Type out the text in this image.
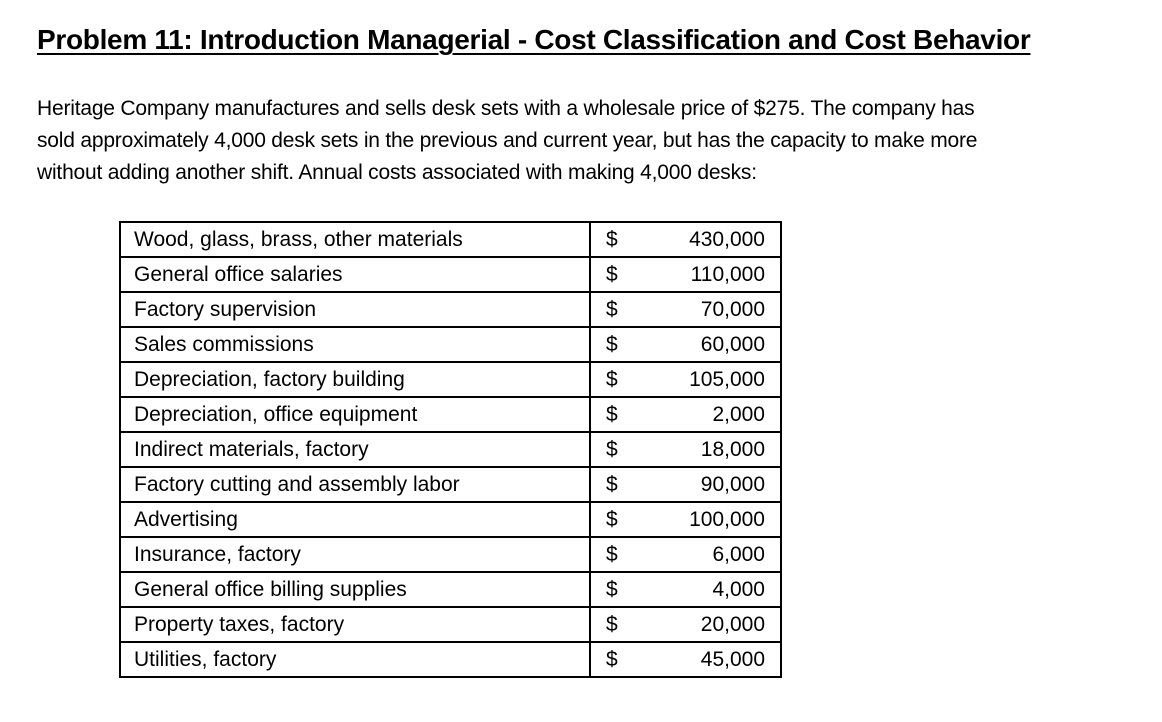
Problem 11: Introduction Managerial - Cost Classification and Cost Behavior
Heritage Company manufactures and sells desk sets with a wholesale price of $275. The company has
sold approximately 4,000 desk sets in the previous and current year, but has the capacity to make more
without adding another shift. Annual costs associated with making 4,000 desks:
Wood, glass, brass, other materials	$ 430,000

General office salaries	$ 110,000

Factory supervision	$ 70,000

Sales commissions	$ 60,000

Depreciation, factory building	$ 105,000

Depreciation, office equipment	$ 2,000

Indirect materials, factory	$ 18,000

Factory cutting and assembly labor	$ 90,000

Advertising	$ 100,000

Insurance, factory	$ 6,000

General office billing supplies	$ 4,000

Property taxes, factory	$ 20,000

Utilities, factory	$ 45,000
